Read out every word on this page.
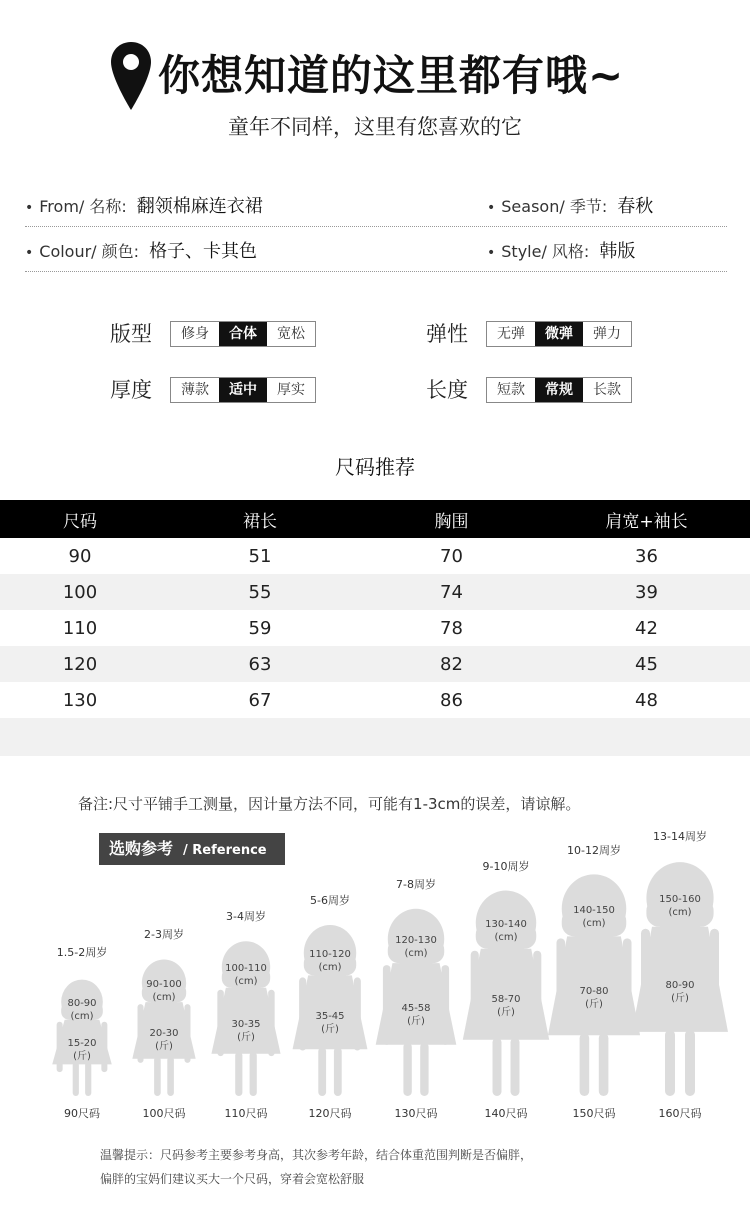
你想知道的这里都有哦~
童年不同样，这里有您喜欢的它
• From/ 名称: 翻领棉麻连衣裙	• Season/ 季节: 春秋
• Colour/ 颜色: 格子、卡其色	• Style/ 风格: 韩版
版型	修身	合体	宽松	弹性	无弹	微弹	弹力
厚度	薄款	适中	厚实	长度	短款	常规	长款
尺码推荐
尺码	裙长	胸围	肩宽+袖长
90	51	70	36
100	55	74	39
110	59	78	42
120	63	82	45
130	67	86	48
备注:尺寸平铺手工测量，因计量方法不同，可能有1-3cm的误差，请谅解。
选购参考 / Reference
1.5-2周岁
80-90
(cm)
15-20
(斤)
90尺码
2-3周岁
90-100
(cm)
20-30
(斤)
100尺码
3-4周岁
100-110
(cm)
30-35
(斤)
110尺码
5-6周岁
110-120
(cm)
35-45
(斤)
120尺码
7-8周岁
120-130
(cm)
45-58
(斤)
130尺码
9-10周岁
130-140
(cm)
58-70
(斤)
140尺码
10-12周岁
140-150
(cm)
70-80
(斤)
150尺码
13-14周岁
150-160
(cm)
80-90
(斤)
160尺码
温馨提示：尺码参考主要参考身高，其次参考年龄，结合体重范围判断是否偏胖，
偏胖的宝妈们建议买大一个尺码，穿着会宽松舒服
